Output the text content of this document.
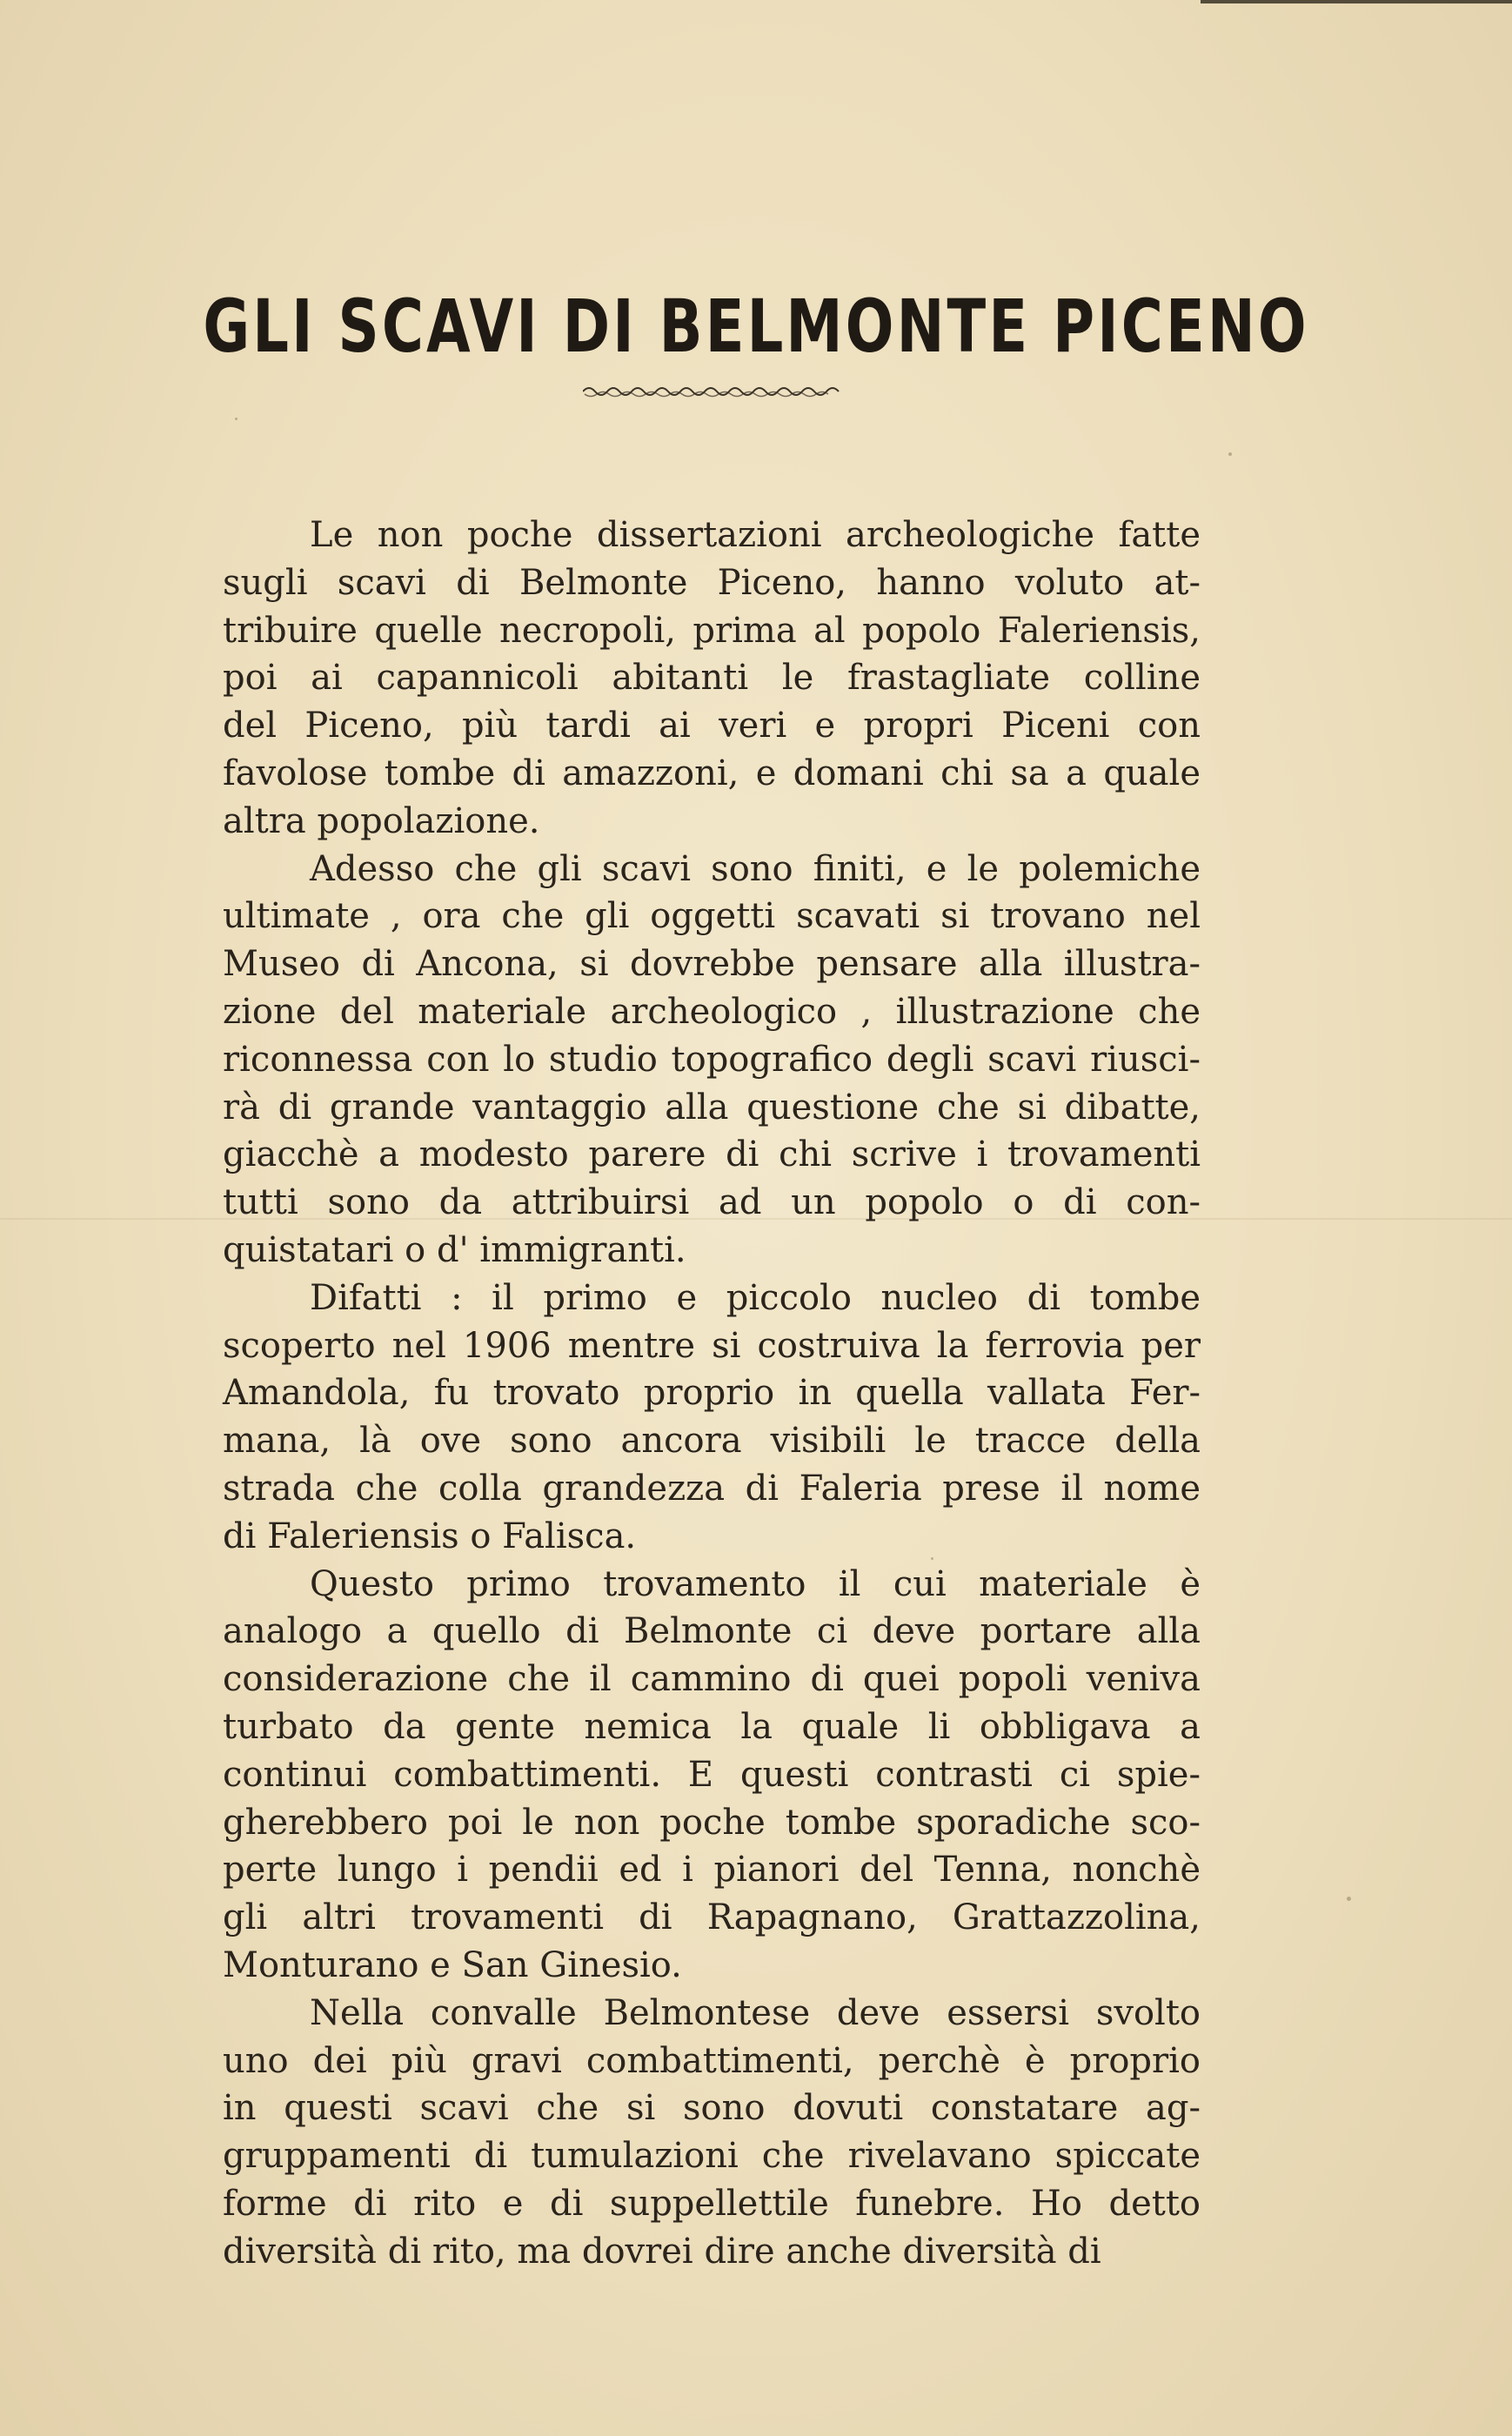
GLI SCAVI DI BELMONTE PICENO
Le non poche dissertazioni archeologiche fatte
sugli scavi di Belmonte Piceno, hanno voluto at-
tribuire quelle necropoli, prima al popolo Faleriensis,
poi ai capannicoli abitanti le frastagliate colline
del Piceno, più tardi ai veri e propri Piceni con
favolose tombe di amazzoni, e domani chi sa a quale
altra popolazione.
Adesso che gli scavi sono finiti, e le polemiche
ultimate , ora che gli oggetti scavati si trovano nel
Museo di Ancona, si dovrebbe pensare alla illustra-
zione del materiale archeologico , illustrazione che
riconnessa con lo studio topografico degli scavi riusci-
rà di grande vantaggio alla questione che si dibatte,
giacchè a modesto parere di chi scrive i trovamenti
tutti sono da attribuirsi ad un popolo o di con-
quistatari o d' immigranti.
Difatti : il primo e piccolo nucleo di tombe
scoperto nel 1906 mentre si costruiva la ferrovia per
Amandola, fu trovato proprio in quella vallata Fer-
mana, là ove sono ancora visibili le tracce della
strada che colla grandezza di Faleria prese il nome
di Faleriensis o Falisca.
Questo primo trovamento il cui materiale è
analogo a quello di Belmonte ci deve portare alla
considerazione che il cammino di quei popoli veniva
turbato da gente nemica la quale li obbligava a
continui combattimenti. E questi contrasti ci spie-
gherebbero poi le non poche tombe sporadiche sco-
perte lungo i pendii ed i pianori del Tenna, nonchè
gli altri trovamenti di Rapagnano, Grattazzolina,
Monturano e San Ginesio.
Nella convalle Belmontese deve essersi svolto
uno dei più gravi combattimenti, perchè è proprio
in questi scavi che si sono dovuti constatare ag-
gruppamenti di tumulazioni che rivelavano spiccate
forme di rito e di suppellettile funebre. Ho detto
diversità di rito, ma dovrei dire anche diversità di
